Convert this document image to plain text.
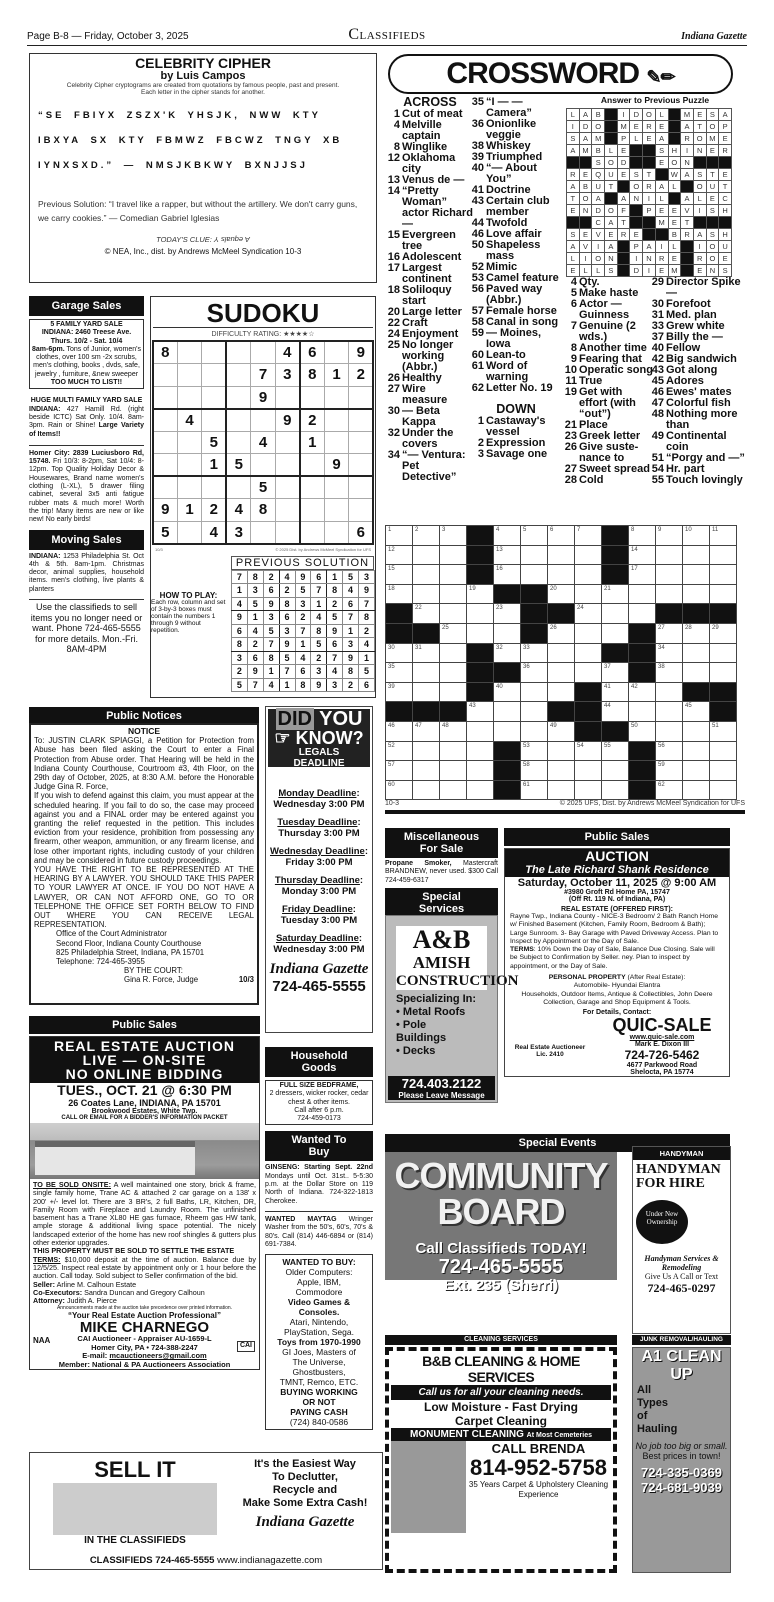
Page B-8 — Friday, October 3, 2025	Classifieds	Indiana Gazette
CELEBRITY CIPHER
by Luis Campos
Celebrity Cipher cryptograms are created from quotations by famous people, past and present. Each letter in the cipher stands for another.
“SE FBIYX ZSZX'K YHSJK, NWW KTY
IBXYA SX KTY FBMWZ FBCWZ TNGY XB
IYNXSXD.” — NMSJKBKWY BXNJJSJ
Previous Solution: “I travel like a rapper, but without the artillery. We don't carry guns, we carry cookies.” — Comedian Gabriel Iglesias
TODAY'S CLUE: A equals Y
© NEA, Inc., dist. by Andrews McMeel Syndication 10-3
CROSSWORD ✎✏
ACROSS
1 Cut of meat
4 Melville captain
8 Winglike
12 Oklahoma city
13 Venus de —
14 “Pretty Woman” actor Richard —
15 Evergreen tree
16 Adolescent
17 Largest continent
18 Soliloquy start
20 Large letter
22 Craft
24 Enjoyment
25 No longer working (Abbr.)
26 Healthy
27 Wire measure
30 — Beta Kappa
32 Under the covers
34 “— Ventura: Pet Detective”
35 “I — — Camera”
36 Onionlike veggie
38 Whiskey
39 Triumphed
40 “— About You”
41 Doctrine
43 Certain club member
44 Twofold
46 Love affair
50 Shapeless mass
52 Mimic
53 Camel feature
56 Paved way (Abbr.)
57 Female horse
58 Canal in song
59 — Moines, Iowa
60 Lean-to
61 Word of warning
62 Letter No. 19
DOWN
1 Castaway's vessel
2 Expression
3 Savage one
Answer to Previous Puzzle
L	A	B		I	D	O	L		M	E	S	A
I	D	O		M	E	R	E		A	T	O	P
S	A	M		P	L	E	A		R	O	M	E
A	M	B	L	E			S	H	I	N	E	R
		S	O	D			E	O	N			
R	E	Q	U	E	S	T		W	A	S	T	E
A	B	U	T		O	R	A	L		O	U	T
T	O	A		A	N	I	L		A	L	E	C
E	N	D	O	F		P	E	E	V	I	S	H
		C	A	T			M	E	T			
S	E	V	E	R	E			B	R	A	S	H
A	V	I	A		P	A	I	L		I	O	U
L	I	O	N		I	N	R	E		R	O	E
E	L	L	S		D	I	E	M		E	N	S
4 Qty.
5 Make haste
6 Actor — Guinness
7 Genuine (2 wds.)
8 Another time
9 Fearing that
10 Operatic song
11 True
19 Get with effort (with “out”)
21 Place
23 Greek letter
26 Give suste-nance to
27 Sweet spread
28 Cold
29 Director Spike —
30 Forefoot
31 Med. plan
33 Grew white
37 Billy the —
40 Fellow
42 Big sandwich
43 Got along
45 Adores
46 Ewes' mates
47 Colorful fish
48 Nothing more than
49 Continental coin
51 “Porgy and —”
54 Hr. part
55 Touch lovingly
1	2	3		4	5	6	7		8	9	10	11
12				13					14			
15				16					17			
18			19			20		21				
	22			23			24					
		25				26				27	28	29
30	31			32	33					34		
35					36			37		38		
39				40				41	42			
			43					44			45	
46	47	48				49			50			51
52					53		54	55		56		
57					58					59		
60					61					62		
10-3	© 2025 UFS, Dist. by Andrews McMeel Syndication for UFS
Garage Sales
5 FAMILY YARD SALE
INDIANA: 2460 Treese Ave.
Thurs. 10/2 - Sat. 10/4
8am-6pm. Tons of Junior, women's clothes, over 100 sm -2x scrubs, men's clothing, books , dvds, safe, jewelry , furniture, &new sweeper
TOO MUCH TO LIST!!
HUGE MULTI FAMILY YARD SALE
INDIANA: 427 Hamill Rd. (right beside ICTC) Sat Only. 10/4. 8am-3pm. Rain or Shine! Large Variety of Items!!
Homer City: 2839 Luciusboro Rd, 15748. Fri 10/3: 8-2pm, Sat 10/4: 8-12pm. Top Quality Holiday Decor & Housewares, Brand name women's clothing (L-XL), 5 drawer filing cabinet, several 3x5 anti fatigue rubber mats & much more! Worth the trip! Many items are new or like new! No early birds!
Moving Sales
INDIANA: 1253 Philadelphia St. Oct 4th & 5th. 8am-1pm. Christmas decor, animal supplies, household items. men's clothing, live plants & planters
Use the classifieds to sell items you no longer need or want. Phone 724-465-5555 for more details. Mon.-Fri. 8AM-4PM
SUDOKU
DIFFICULTY RATING: ★★★★☆
8					4	6		9
				7	3	8	1	2
				9				
	4				9	2		
		5		4		1		
		1	5				9	
				5				
9	1	2	4	8				
5		4	3					6
10/3	© 2025 Dist. by Andrews McMeel Syndication for UFS
PREVIOUS SOLUTION
7	8	2	4	9	6	1	5	3
1	3	6	2	5	7	8	4	9
4	5	9	8	3	1	2	6	7
9	1	3	6	2	4	5	7	8
6	4	5	3	7	8	9	1	2
8	2	7	9	1	5	6	3	4
3	6	8	5	4	2	7	9	1
2	9	1	7	6	3	4	8	5
5	7	4	1	8	9	3	2	6
HOW TO PLAY:
Each row, column and set of 3-by-3 boxes must contain the numbers 1 through 9 without repetition.
Public Notices

NOTICE

To: JUSTIN CLARK SPIAGGI, a Petition for Protection from Abuse has been filed asking the Court to enter a Final Protection from Abuse order. That Hearing will be held in the Indiana County Courthouse, Courtroom #3, 4th Floor, on the 29th day of October, 2025, at 8:30 A.M. before the Honorable Judge Gina R. Force,

If you wish to defend against this claim, you must appear at the scheduled hearing. If you fail to do so, the case may proceed against you and a FINAL order may be entered against you granting the relief requested in the petition. This includes eviction from your residence, prohibition from possessing any firearm, other weapon, ammunition, or any firearm license, and lose other important rights, including custody of your children and may be considered in future custody proceedings.

YOU HAVE THE RIGHT TO BE REPRESENTED AT THE HEARING BY A LAWYER. YOU SHOULD TAKE THIS PAPER TO YOUR LAWYER AT ONCE. IF YOU DO NOT HAVE A LAWYER, OR CAN NOT AFFORD ONE, GO TO OR TELEPHONE THE OFFICE SET FORTH BELOW TO FIND OUT WHERE YOU CAN RECEIVE LEGAL REPRESENTATION.

Office of the Court Administrator

Second Floor, Indiana County Courthouse

825 Philadelphia Street, Indiana, PA 15701

Telephone: 724-465-3955

BY THE COURT:

Gina R. Force, Judge	10/3

DID YOU
☞ KNOW?
LEGALS DEADLINE IS:
Monday Deadline:
Wednesday 3:00 PM
Tuesday Deadline:
Thursday 3:00 PM
Wednesday Deadline:
Friday 3:00 PM
Thursday Deadline:
Monday 3:00 PM
Friday Deadline:
Tuesday 3:00 PM
Saturday Deadline:
Wednesday 3:00 PM
Indiana Gazette
724-465-5555
Public Sales
REAL ESTATE AUCTION
LIVE — ON-SITE
NO ONLINE BIDDING
TUES., OCT. 21 @ 6:30 PM
26 Coates Lane, INDIANA, PA 15701
Brookwood Estates, White Twp.
CALL OR EMAIL FOR A BIDDER'S INFORMATION PACKET
TO BE SOLD ONSITE: A well maintained one story, brick & frame, single family home, Trane AC & attached 2 car garage on a 138' x 200' +/- level lot. There are 3 BR's, 2 full Baths, LR, Kitchen, DR, Family Room with Fireplace and Laundry Room. The unfinished basement has a Trane XL80 HE gas furnace, Rheem gas HW tank, ample storage & additional living space potential. The nicely landscaped exterior of the home has new roof shingles & gutters plus other exterior upgrades.
THIS PROPERTY MUST BE SOLD TO SETTLE THE ESTATE
TERMS: $10,000 deposit at the time of auction. Balance due by 12/5/25. Inspect real estate by appointment only or 1 hour before the auction. Call today. Sold subject to Seller confirmation of the bid.
Seller: Arline M. Calhoun Estate
Co-Executors: Sandra Duncan and Gregory Calhoun
Attorney: Judith A. Pierce
Announcements made at the auction take precedence over printed information.
“Your Real Estate Auction Professional”
MIKE CHARNEGO
NAA
CAI
CAI Auctioneer - Appraiser AU-1659-L
Homer City, PA • 724-388-2247
E-mail: mcauctioneers@gmail.com
Member: National & PA Auctioneers Association
Household Goods
FULL SIZE BEDFRAME,
2 dressers, wicker rocker, cedar chest & other items.
Call after 6 p.m.
724-459-0173
Wanted To Buy
GINSENG: Starting Sept. 22nd Mondays until Oct. 31st.. 5-5:30 p.m. at the Dollar Store on 119 North of Indiana. 724-322-1813 Cherokee.
WANTED MAYTAG Wringer Washer from the 50's, 60's, 70's & 80's. Call (814) 446-6894 or (814) 691-7384.
WANTED TO BUY:
Older Computers:
Apple, IBM,
Commodore
Video Games &
Consoles.
Atari, Nintendo,
PlayStation, Sega.
Toys from 1970-1990
GI Joes, Masters of
The Universe,
Ghostbusters,
TMNT, Remco, ETC.
BUYING WORKING
OR NOT
PAYING CASH
(724) 840-0586
Miscellaneous For Sale
Propane Smoker, Mastercraft BRANDNEW, never used. $300 Call 724-459-6317
Special Services
A&B
AMISH
CONSTRUCTION
Specializing In:
• Metal Roofs
• Pole
Buildings
• Decks
724.403.2122
Please Leave Message
Public Sales
AUCTION
The Late Richard Shank Residence
Saturday, October 11, 2025 @ 9:00 AM
#3980 Groft Rd Home PA, 15747
(Off Rt. 119 N. of Indiana, PA)
REAL ESTATE (OFFERED FIRST):
Rayne Twp., Indiana County - NICE-3 Bedroom/ 2 Bath Ranch Home w/ Finished Basement (Kitchen, Family Room, Bedroom & Bath); Large Sunroom. 3- Bay Garage with Paved Driveway Access. Plan to Inspect by Appointment or the Day of Sale.
TERMS: 10% Down the Day of Sale, Balance Due Closing. Sale will be Subject to Confirmation by Seller. ney. Plan to inspect by appointment, or the Day of Sale.
PERSONAL PROPERTY (After Real Estate):
Automobile- Hyundai Elantra
Households, Outdoor Items, Antique & Collectibles, John Deere Collection, Garage and Shop Equipment & Tools.
For Details, Contact:
Real Estate Auctioneer
Lic. 2410
QUIC-SALE
www.quic-sale.com
Mark E. Dixon III
724-726-5462
4677 Parkwood Road
Shelocta, PA 15774
Special Events
COMMUNITY
BOARD
Call Classifieds TODAY!
724-465-5555
Ext. 235 (Sherri)
HANDYMAN
HANDYMAN
FOR HIRE
Under New Ownership
Handyman Services & Remodeling
Give Us A Call or Text
724-465-0297
CLEANING SERVICES	JUNK REMOVAL/HAULING
B&B CLEANING & HOME SERVICES
Call us for all your cleaning needs.
Low Moisture - Fast Drying
Carpet Cleaning
MONUMENT CLEANING At Most Cemeteries
CALL BRENDA
814-952-5758
35 Years Carpet & Upholstery Cleaning Experience
A1 CLEAN UP
All
Types
of
Hauling
No job too big or small.
Best prices in town!
724-335-0369
724-681-9039
SELL IT
IN THE CLASSIFIEDS
It's the Easiest Way
To Declutter,
Recycle and
Make Some Extra Cash!
Indiana Gazette
CLASSIFIEDS 724-465-5555 www.indianagazette.com
